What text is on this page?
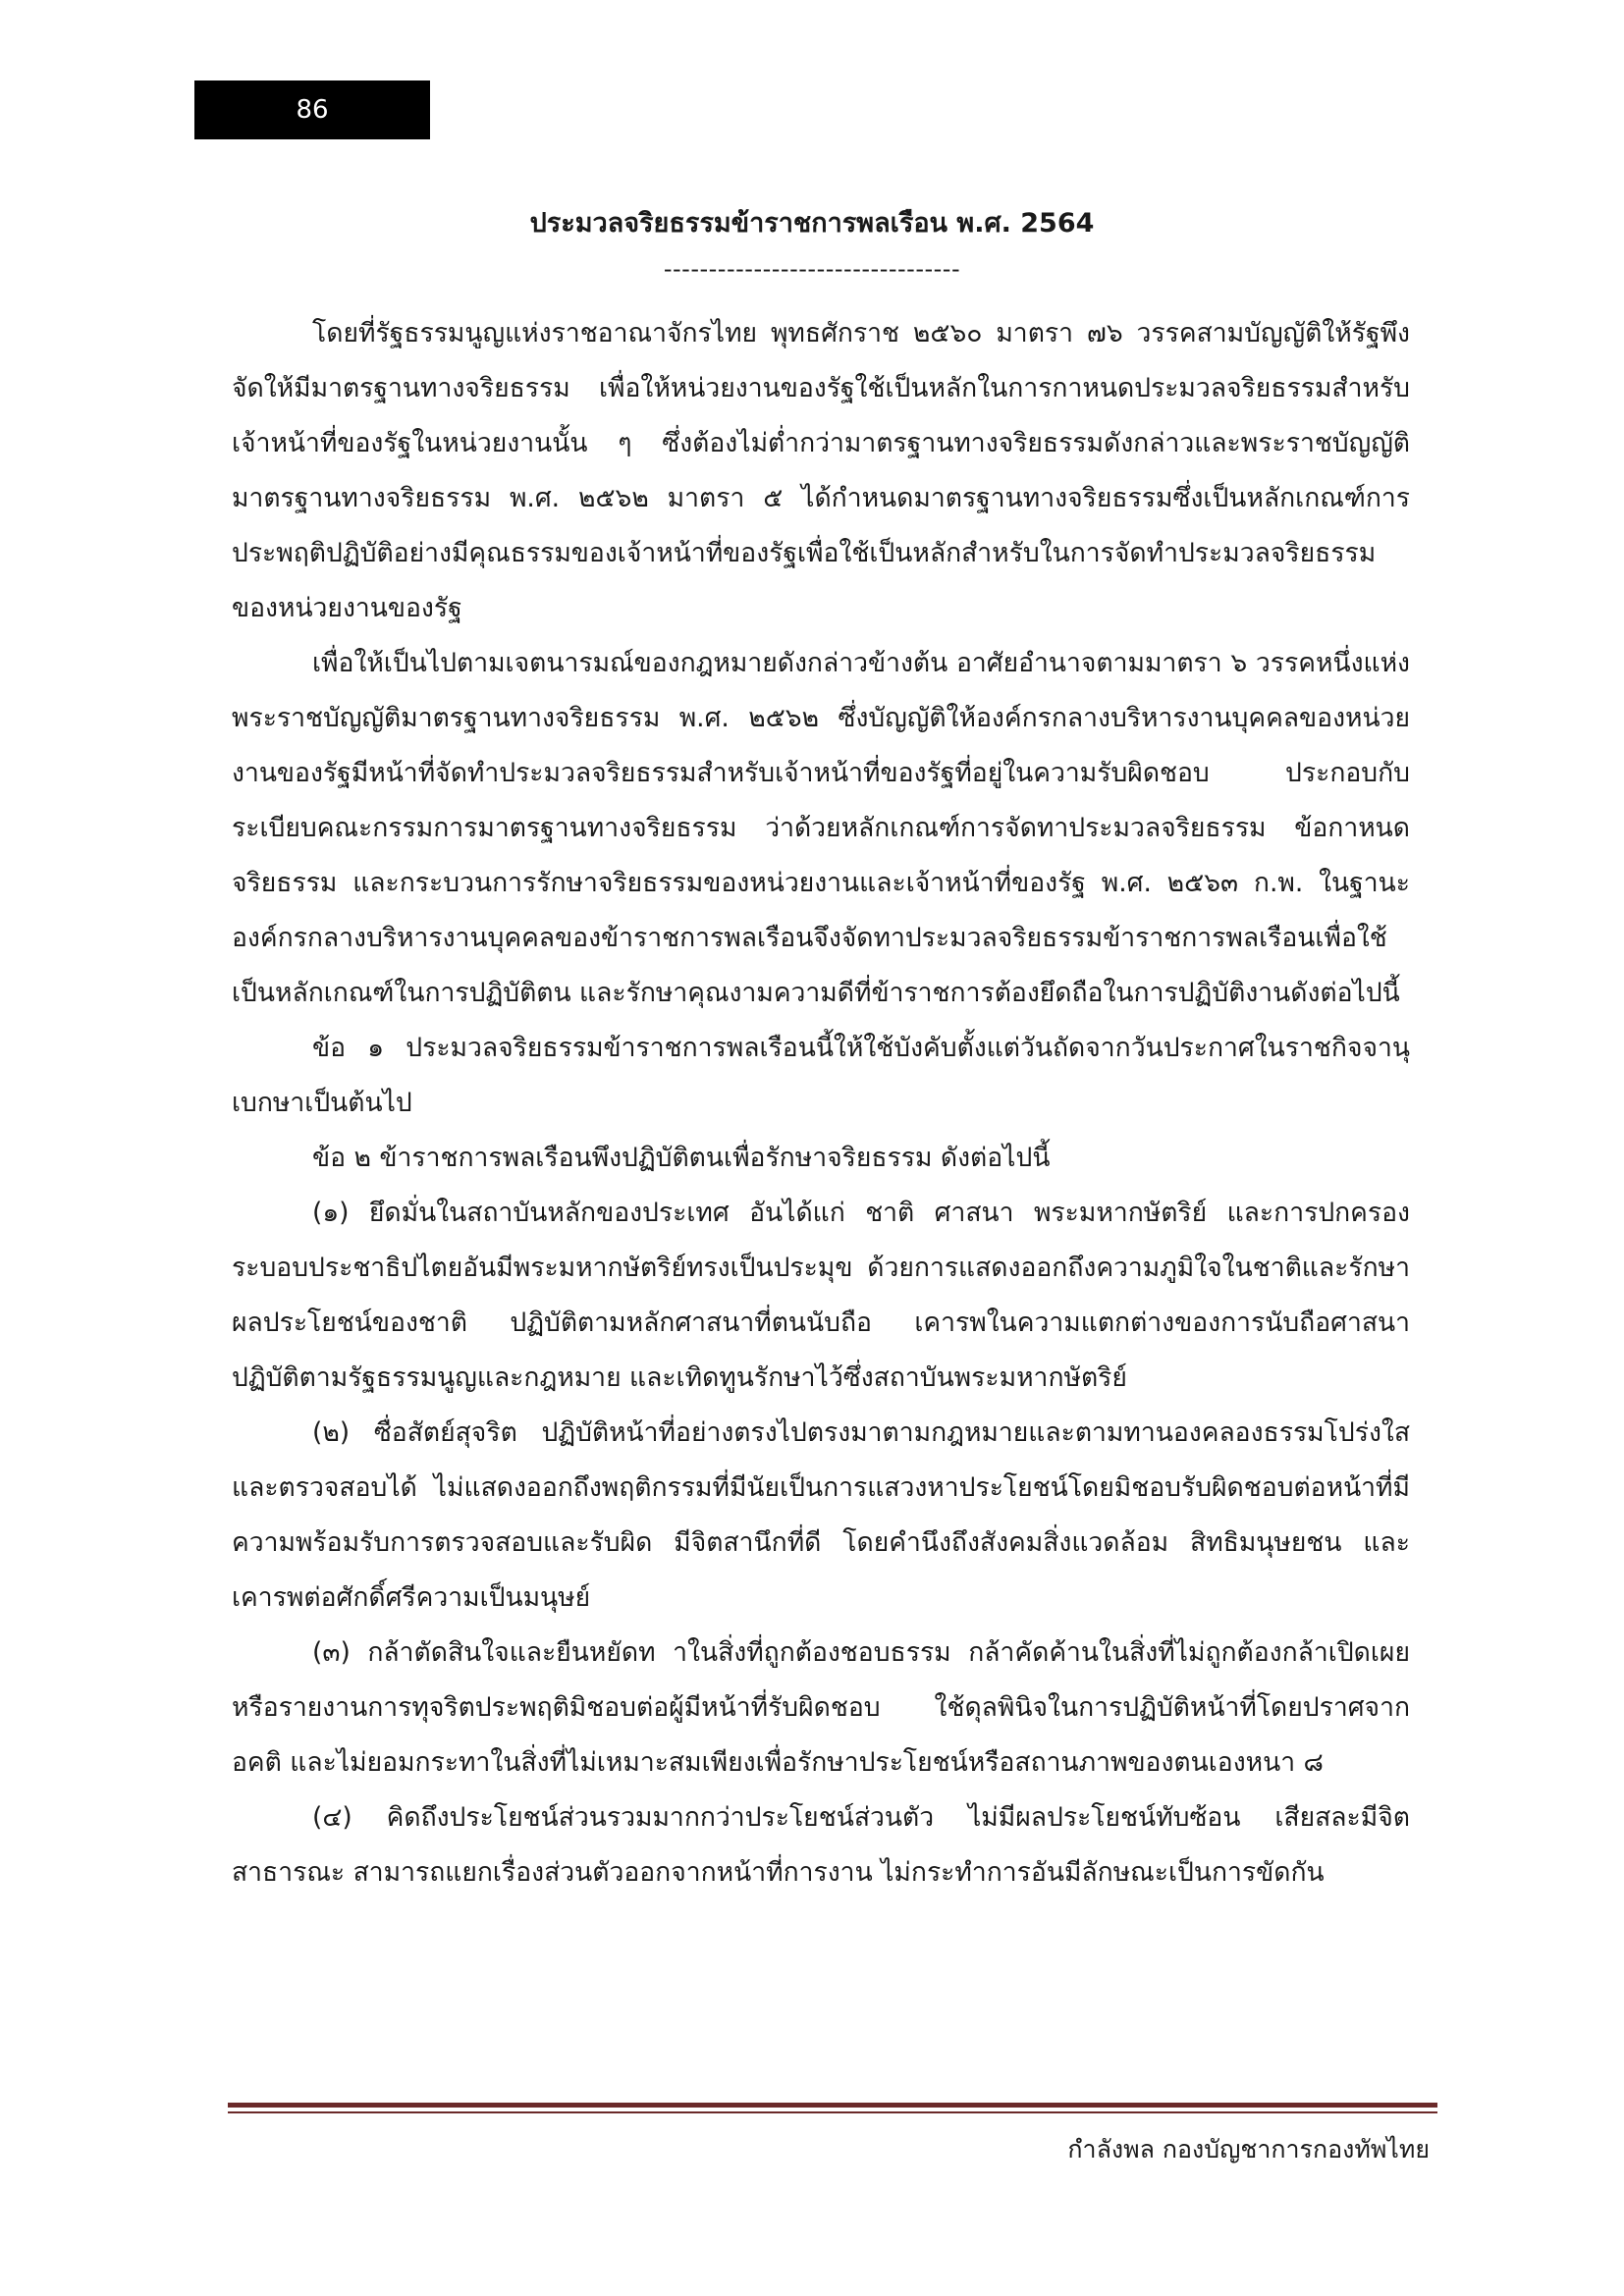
86
ประมวลจริยธรรมข้าราชการพลเรือน พ.ศ. 2564
---------------------------------

โดยที่รัฐธรรมนูญแห่งราชอาณาจักรไทย พุทธศักราช ๒๕๖๐ มาตรา ๗๖ วรรคสามบัญญัติให้รัฐพึงจัดให้มีมาตรฐานทางจริยธรรม เพื่อให้หน่วยงานของรัฐใช้เป็นหลักในการกาหนดประมวลจริยธรรมสำหรับเจ้าหน้าที่ของรัฐในหน่วยงานนั้น ๆ ซึ่งต้องไม่ต่ำกว่ามาตรฐานทางจริยธรรมดังกล่าวและพระราชบัญญัติมาตรฐานทางจริยธรรม พ.ศ. ๒๕๖๒ มาตรา ๕ ได้กำหนดมาตรฐานทางจริยธรรมซึ่งเป็นหลักเกณฑ์การประพฤติปฏิบัติอย่างมีคุณธรรมของเจ้าหน้าที่ของรัฐเพื่อใช้เป็นหลักสำหรับในการจัดทำประมวลจริยธรรมของหน่วยงานของรัฐ

เพื่อให้เป็นไปตามเจตนารมณ์ของกฎหมายดังกล่าวข้างต้น อาศัยอำนาจตามมาตรา ๖ วรรคหนึ่งแห่งพระราชบัญญัติมาตรฐานทางจริยธรรม พ.ศ. ๒๕๖๒ ซึ่งบัญญัติให้องค์กรกลางบริหารงานบุคคลของหน่วยงานของรัฐมีหน้าที่จัดทำประมวลจริยธรรมสำหรับเจ้าหน้าที่ของรัฐที่อยู่ในความรับผิดชอบ ประกอบกับระเบียบคณะกรรมการมาตรฐานทางจริยธรรม ว่าด้วยหลักเกณฑ์การจัดทาประมวลจริยธรรม ข้อกาหนดจริยธรรม และกระบวนการรักษาจริยธรรมของหน่วยงานและเจ้าหน้าที่ของรัฐ พ.ศ. ๒๕๖๓ ก.พ. ในฐานะองค์กรกลางบริหารงานบุคคลของข้าราชการพลเรือนจึงจัดทาประมวลจริยธรรมข้าราชการพลเรือนเพื่อใช้เป็นหลักเกณฑ์ในการปฏิบัติตน และรักษาคุณงามความดีที่ข้าราชการต้องยึดถือในการปฏิบัติงานดังต่อไปนี้

ข้อ ๑ ประมวลจริยธรรมข้าราชการพลเรือนนี้ให้ใช้บังคับตั้งแต่วันถัดจากวันประกาศในราชกิจจานุเบกษาเป็นต้นไป

ข้อ ๒ ข้าราชการพลเรือนพึงปฏิบัติตนเพื่อรักษาจริยธรรม ดังต่อไปนี้

(๑) ยึดมั่นในสถาบันหลักของประเทศ อันได้แก่ ชาติ ศาสนา พระมหากษัตริย์ และการปกครองระบอบประชาธิปไตยอันมีพระมหากษัตริย์ทรงเป็นประมุข ด้วยการแสดงออกถึงความภูมิใจในชาติและรักษาผลประโยชน์ของชาติ ปฏิบัติตามหลักศาสนาที่ตนนับถือ เคารพในความแตกต่างของการนับถือศาสนา ปฏิบัติตามรัฐธรรมนูญและกฎหมาย และเทิดทูนรักษาไว้ซึ่งสถาบันพระมหากษัตริย์

(๒) ซื่อสัตย์สุจริต ปฏิบัติหน้าที่อย่างตรงไปตรงมาตามกฎหมายและตามทานองคลองธรรมโปร่งใสและตรวจสอบได้ ไม่แสดงออกถึงพฤติกรรมที่มีนัยเป็นการแสวงหาประโยชน์โดยมิชอบรับผิดชอบต่อหน้าที่มีความพร้อมรับการตรวจสอบและรับผิด มีจิตสานึกที่ดี โดยคำนึงถึงสังคมสิ่งแวดล้อม สิทธิมนุษยชน และเคารพต่อศักดิ์ศรีความเป็นมนุษย์

(๓) กล้าตัดสินใจและยืนหยัดท าในสิ่งที่ถูกต้องชอบธรรม กล้าคัดค้านในสิ่งที่ไม่ถูกต้องกล้าเปิดเผยหรือรายงานการทุจริตประพฤติมิชอบต่อผู้มีหน้าที่รับผิดชอบ ใช้ดุลพินิจในการปฏิบัติหน้าที่โดยปราศจากอคติ และไม่ยอมกระทาในสิ่งที่ไม่เหมาะสมเพียงเพื่อรักษาประโยชน์หรือสถานภาพของตนเองหนา ๘

(๔) คิดถึงประโยชน์ส่วนรวมมากกว่าประโยชน์ส่วนตัว ไม่มีผลประโยชน์ทับซ้อน เสียสละมีจิตสาธารณะ สามารถแยกเรื่องส่วนตัวออกจากหน้าที่การงาน ไม่กระทำการอันมีลักษณะเป็นการขัดกัน

กำลังพล กองบัญชาการกองทัพไทย
